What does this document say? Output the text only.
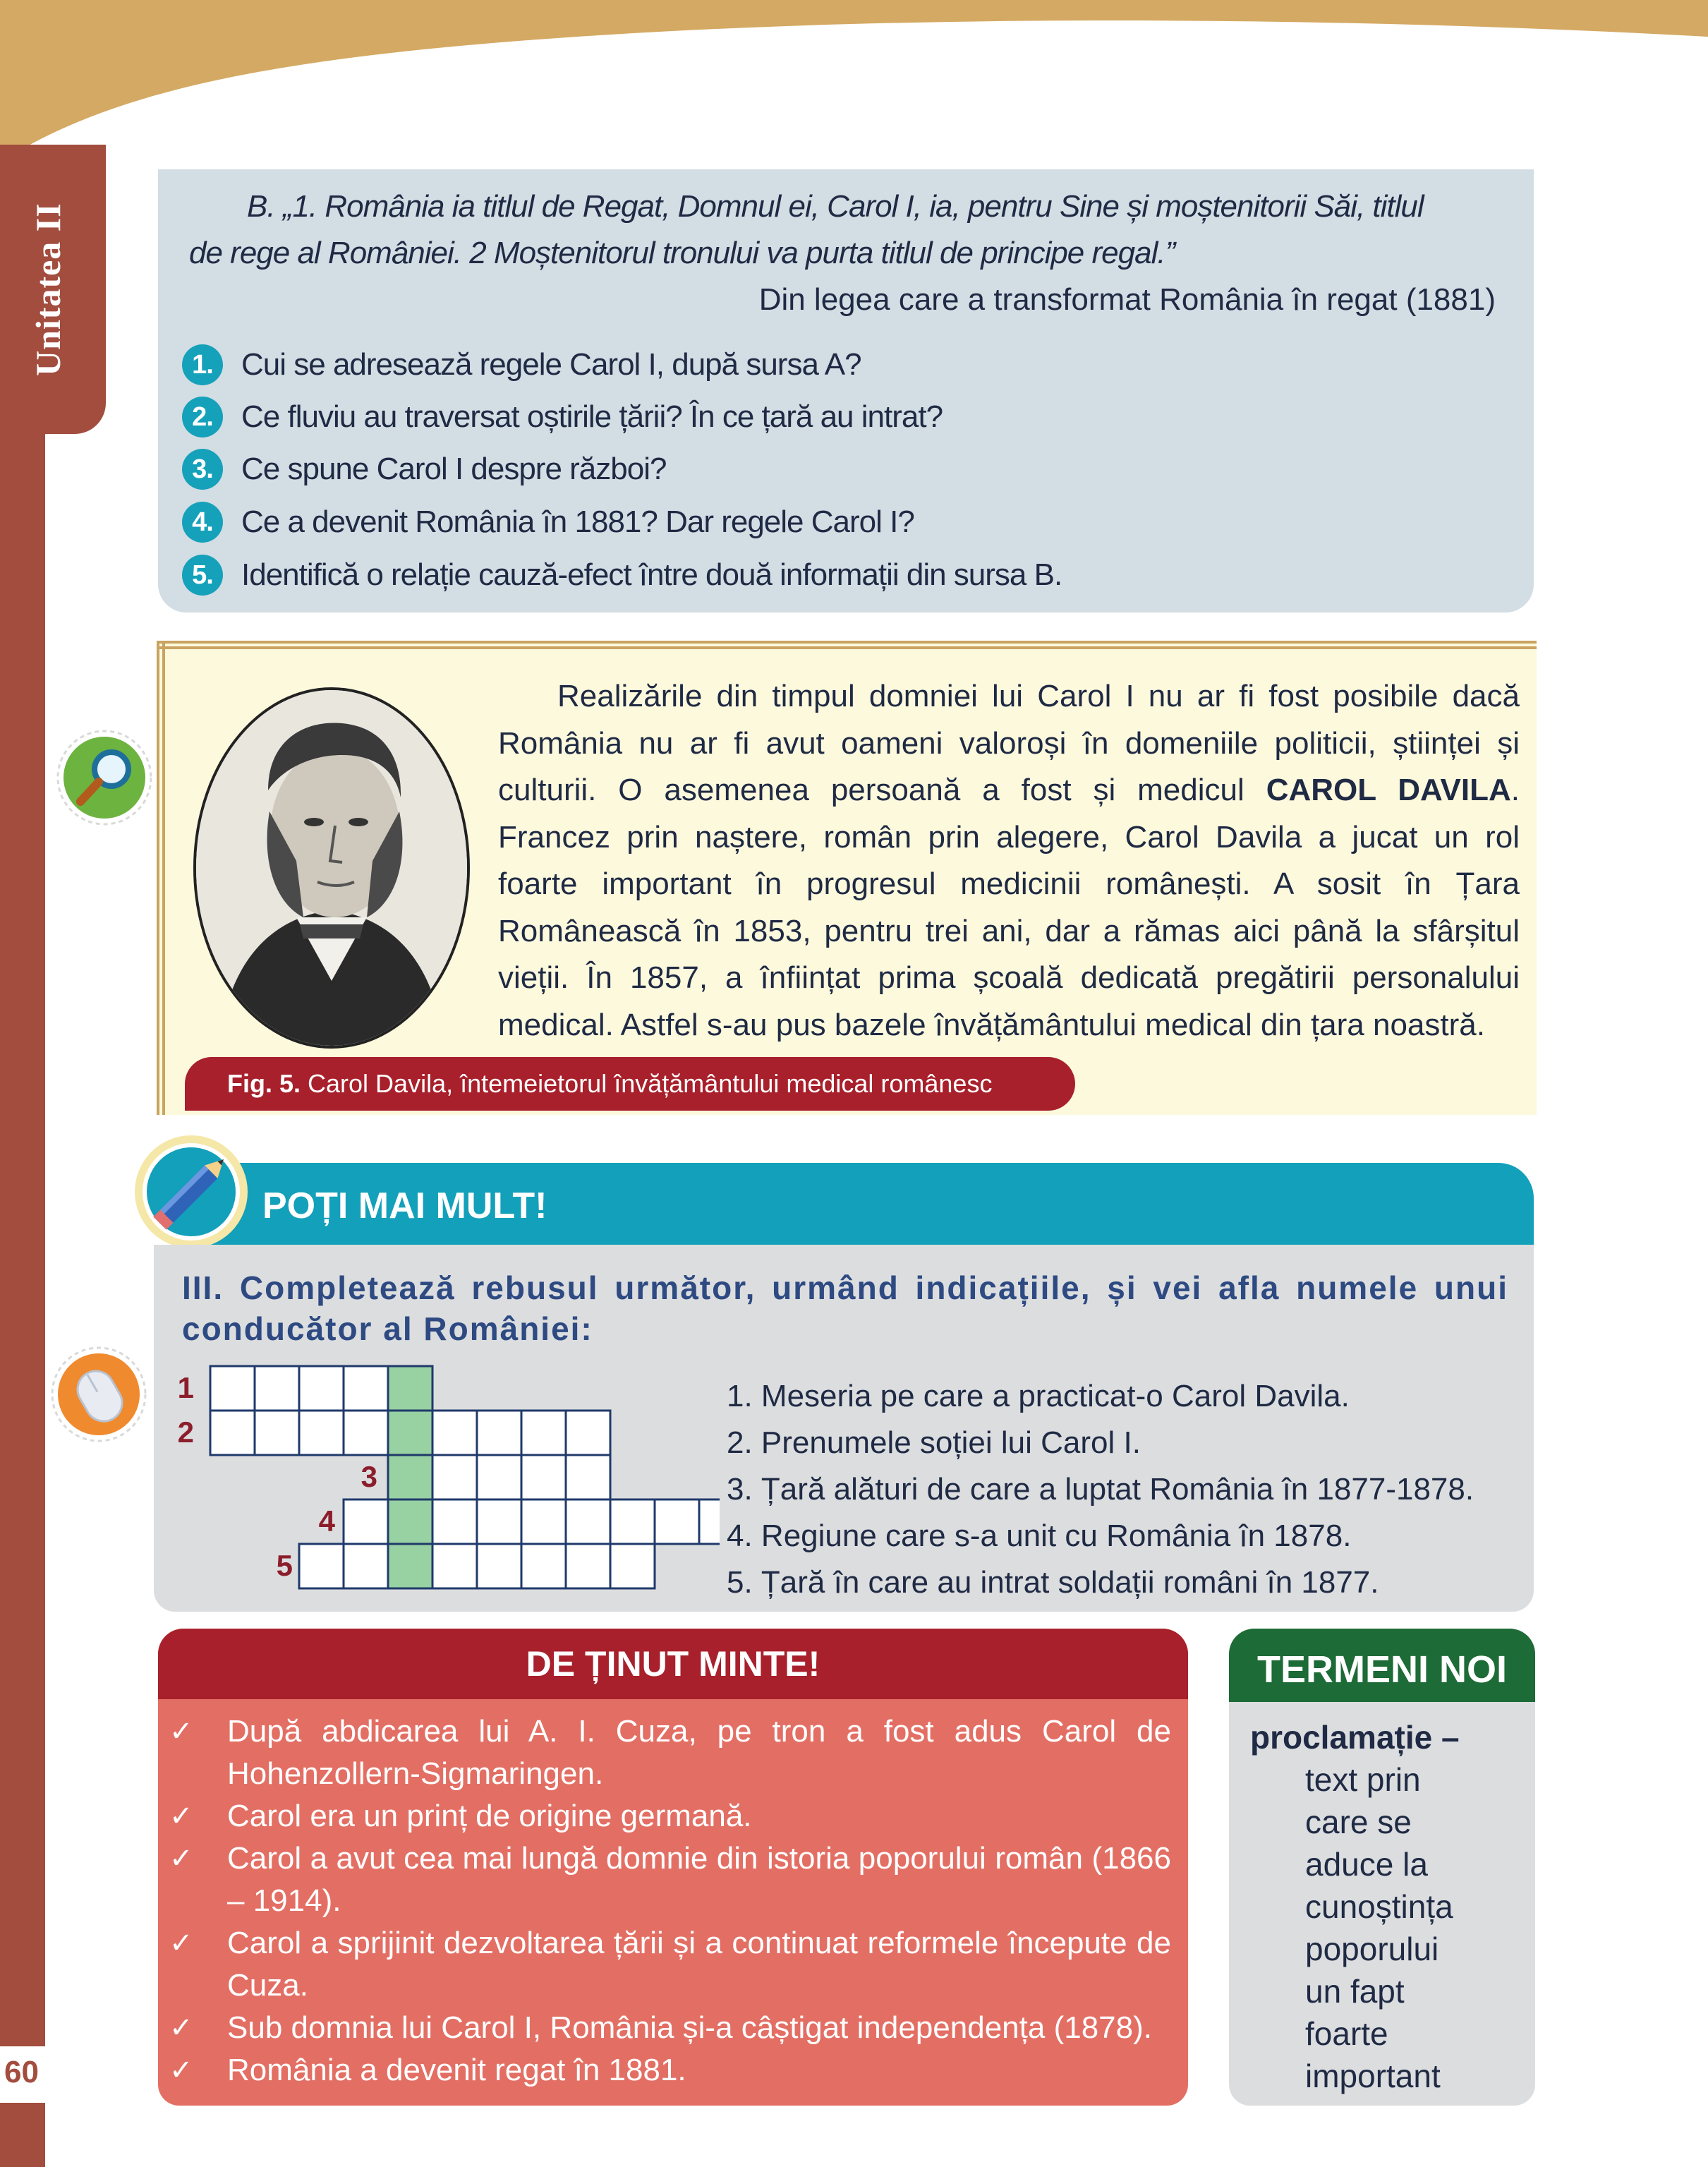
Unitatea II
60
B. „1. România ia titlul de Regat, Domnul ei, Carol I, ia, pentru Sine și moștenitorii Săi, titlul
de rege al României. 2 Moștenitorul tronului va purta titlul de principe regal.”
Din legea care a transformat România în regat (1881)
1. Cui se adresează regele Carol I, după sursa A?
2. Ce fluviu au traversat oștirile țării? În ce țară au intrat?
3. Ce spune Carol I despre război?
4. Ce a devenit România în 1881? Dar regele Carol I?
5. Identifică o relație cauză-efect între două informații din sursa B.

Realizările din timpul domniei lui Carol I nu ar fi fost posibile dacă România nu ar fi avut oameni valoroși în domeniile politicii, științei și culturii. O asemenea persoană a fost și medicul CAROL DAVILA. Francez prin naștere, român prin alegere, Carol Davila a jucat un rol foarte important în progresul medicinii românești. A sosit în Țara Românească în 1853, pentru trei ani, dar a rămas aici până la sfârșitul vieții. În 1857, a înființat prima școală dedicată pregătirii personalului medical. Astfel s-au pus bazele învățământului medical din țara noastră.

Fig. 5. Carol Davila, întemeietorul învățământului medical românesc
POȚI MAI MULT!
III. Completează rebusul următor, urmând indicațiile, și vei afla numele unui conducător al României:
1
2
3
4
5
1. Meseria pe care a practicat-o Carol Davila.
2. Prenumele soției lui Carol I.
3. Țară alături de care a luptat România în 1877-1878.
4. Regiune care s-a unit cu România în 1878.
5. Țară în care au intrat soldații români în 1877.
DE ȚINUT MINTE!
✓	După abdicarea lui A. I. Cuza, pe tron a fost adus Carol de Hohenzollern-Sigmaringen.
✓	Carol era un prinț de origine germană.
✓	Carol a avut cea mai lungă domnie din istoria poporului român (1866 – 1914).
✓	Carol a sprijinit dezvoltarea țării și a continuat reformele începute de Cuza.
✓	Sub domnia lui Carol I, România și-a câștigat independența (1878).
✓	România a devenit regat în 1881.
TERMENI NOI
proclamație –
text prin
care se
aduce la
cunoștința
poporului
un fapt
foarte
important
